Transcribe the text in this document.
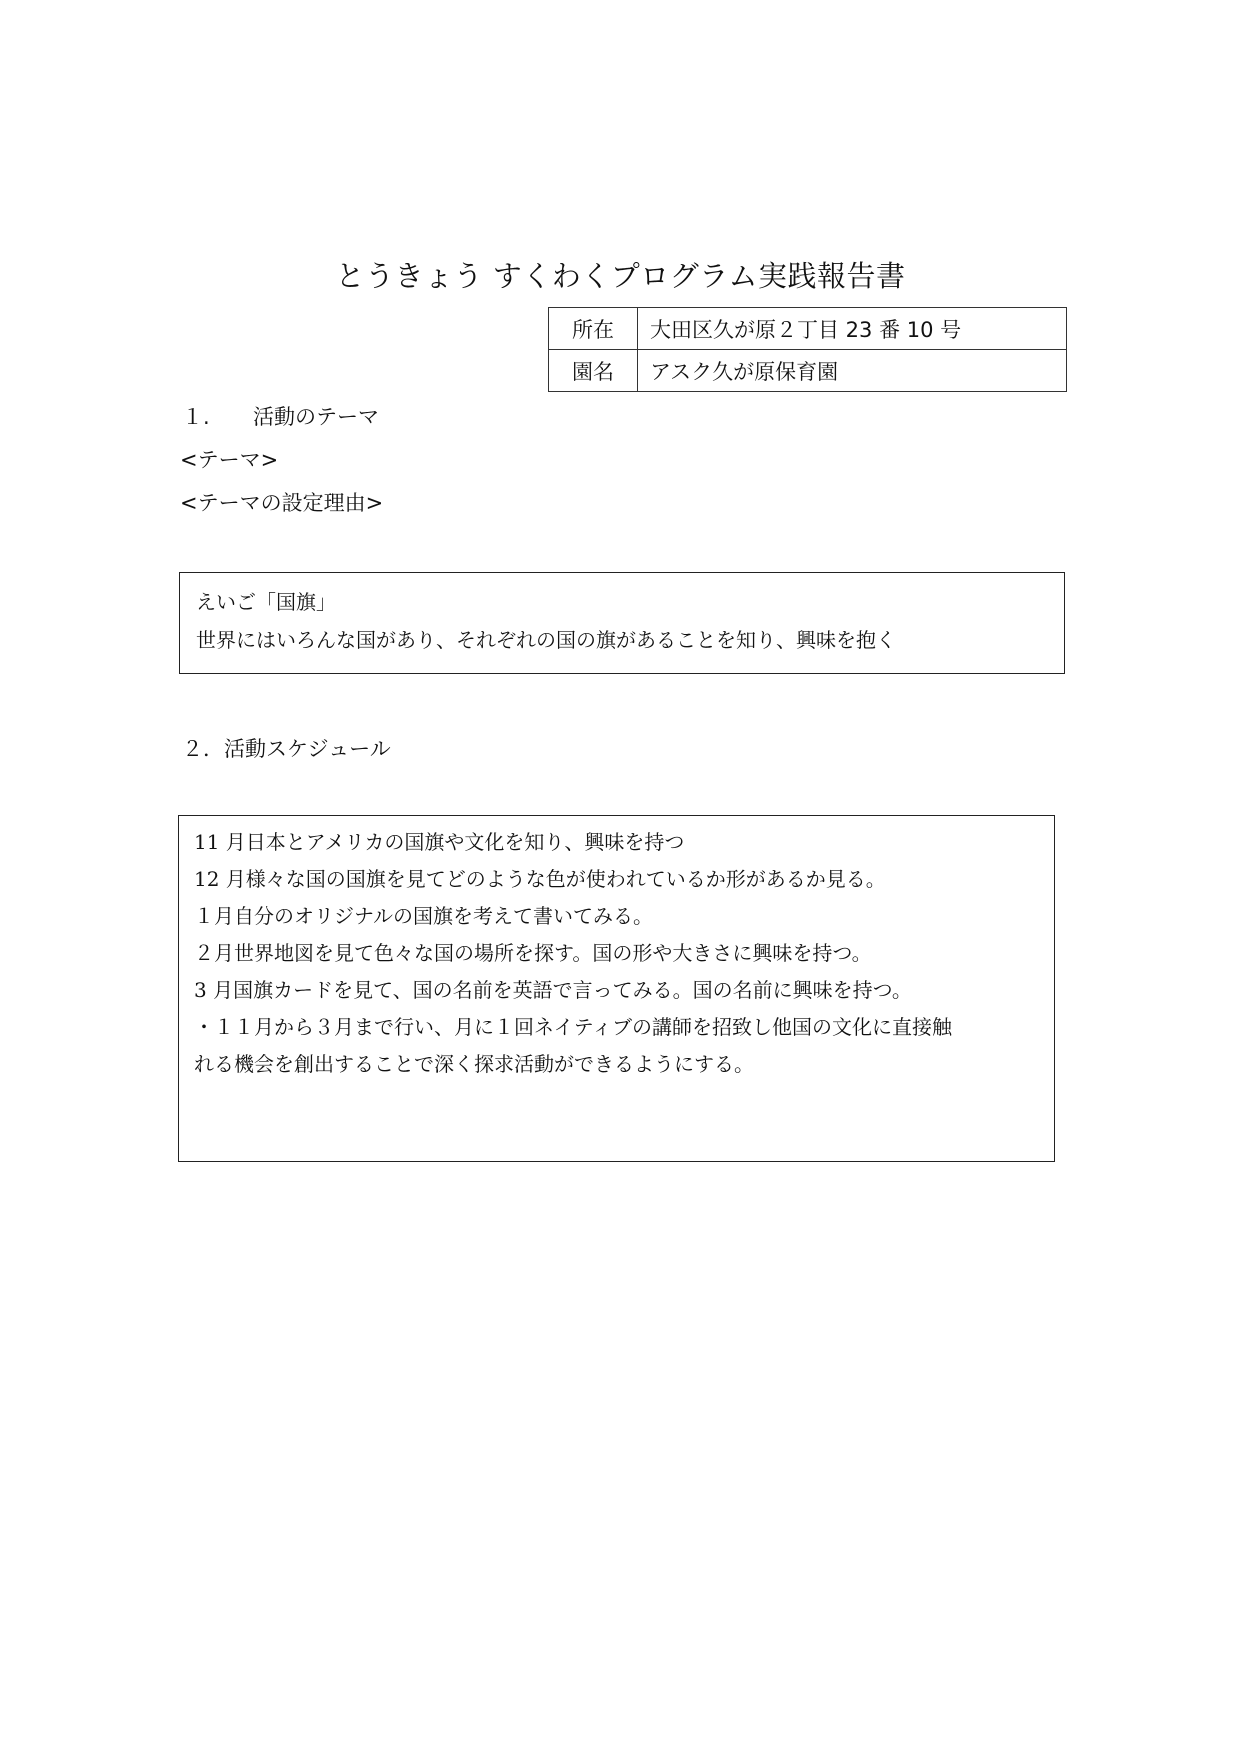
とうきょう すくわくプログラム実践報告書
所在	大田区久が原２丁目 23 番 10 号
園名	アスク久が原保育園
１. 活動のテーマ
<テーマ>
<テーマの設定理由>
えいご「国旗」
世界にはいろんな国があり、それぞれの国の旗があることを知り、興味を抱く
２．活動スケジュール
11 月日本とアメリカの国旗や文化を知り、興味を持つ
12 月様々な国の国旗を見てどのような色が使われているか形があるか見る。
１月自分のオリジナルの国旗を考えて書いてみる。
２月世界地図を見て色々な国の場所を探す。国の形や大きさに興味を持つ。
3 月国旗カードを見て、国の名前を英語で言ってみる。国の名前に興味を持つ。
・１１月から３月まで行い、月に１回ネイティブの講師を招致し他国の文化に直接触
れる機会を創出することで深く探求活動ができるようにする。
